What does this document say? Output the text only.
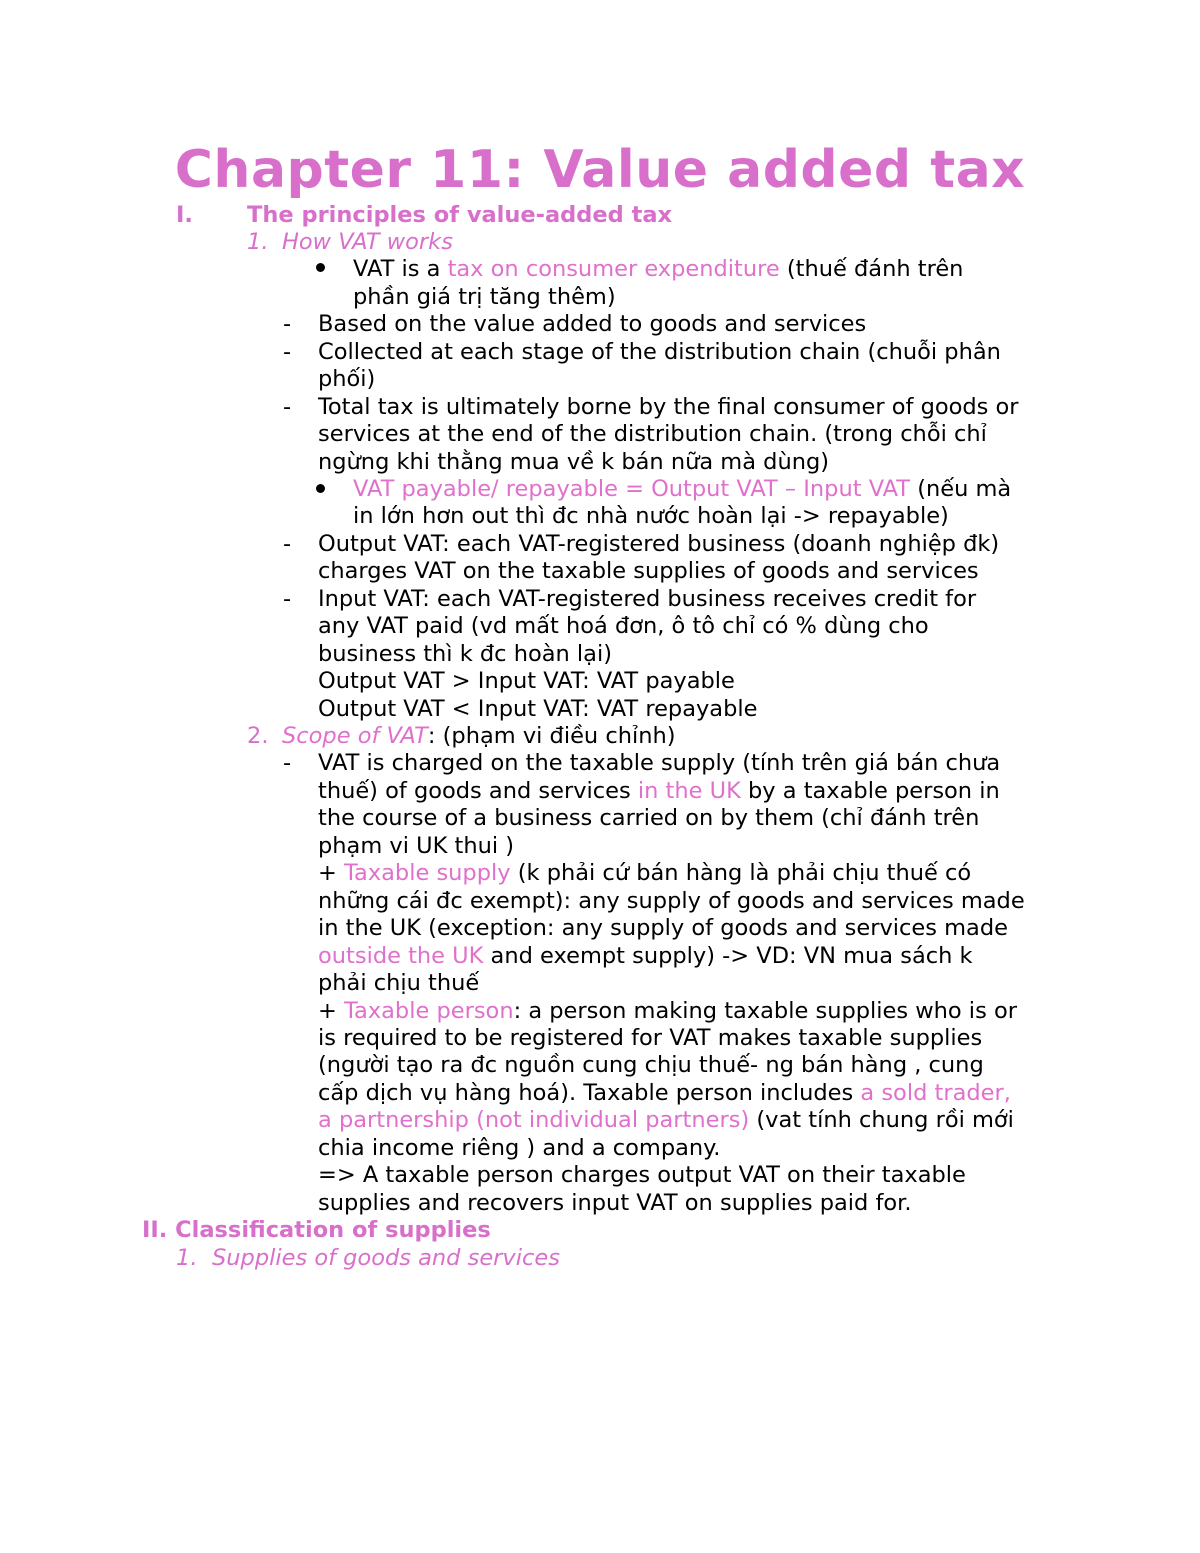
Chapter 11: Value added tax
I. The principles of value-added tax
1. How VAT works
VAT is a tax on consumer expenditure (thuế đánh trên
phần giá trị tăng thêm)
- Based on the value added to goods and services
- Collected at each stage of the distribution chain (chuỗi phân
phối)
- Total tax is ultimately borne by the final consumer of goods or
services at the end of the distribution chain. (trong chỗi chỉ
ngừng khi thằng mua về k bán nữa mà dùng)
VAT payable/ repayable = Output VAT – Input VAT (nếu mà
in lớn hơn out thì đc nhà nước hoàn lại -> repayable)
- Output VAT: each VAT-registered business (doanh nghiệp đk)
charges VAT on the taxable supplies of goods and services
- Input VAT: each VAT-registered business receives credit for
any VAT paid (vd mất hoá đơn, ô tô chỉ có % dùng cho
business thì k đc hoàn lại)
Output VAT > Input VAT: VAT payable
Output VAT < Input VAT: VAT repayable
2. Scope of VAT: (phạm vi điều chỉnh)
- VAT is charged on the taxable supply (tính trên giá bán chưa
thuế) of goods and services in the UK by a taxable person in
the course of a business carried on by them (chỉ đánh trên
phạm vi UK thui )
+ Taxable supply (k phải cứ bán hàng là phải chịu thuế có
những cái đc exempt): any supply of goods and services made
in the UK (exception: any supply of goods and services made
outside the UK and exempt supply) -> VD: VN mua sách k
phải chịu thuế
+ Taxable person: a person making taxable supplies who is or
is required to be registered for VAT makes taxable supplies
(người tạo ra đc nguồn cung chịu thuế- ng bán hàng , cung
cấp dịch vụ hàng hoá). Taxable person includes a sold trader,
a partnership (not individual partners) (vat tính chung rồi mới
chia income riêng ) and a company.
=> A taxable person charges output VAT on their taxable
supplies and recovers input VAT on supplies paid for.
II. Classification of supplies
1. Supplies of goods and services
